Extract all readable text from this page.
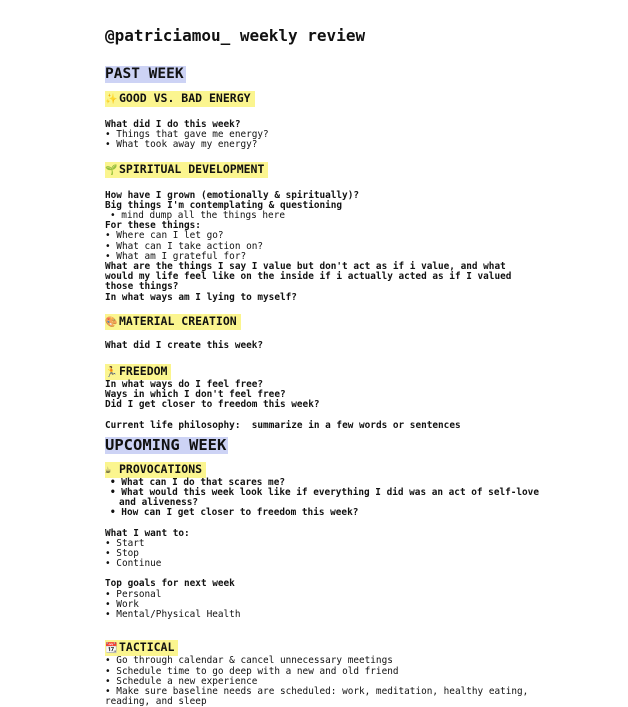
@patriciamou_ weekly review
PAST WEEK
✨ GOOD VS. BAD ENERGY
What did I do this week?
• Things that gave me energy?
• What took away my energy?
🌱 SPIRITUAL DEVELOPMENT
How have I grown (emotionally & spiritually)?
Big things I'm contemplating & questioning
• mind dump all the things here
For these things:
• Where can I let go?
• What can I take action on?
• What am I grateful for?
What are the things I say I value but don't act as if i value, and what would my life feel like on the inside if i actually acted as if I valued those things?
In what ways am I lying to myself?
🎨 MATERIAL CREATION
What did I create this week?
🏃 FREEDOM
In what ways do I feel free?
Ways in which I don't feel free?
Did I get closer to freedom this week?
Current life philosophy: summarize in a few words or sentences
UPCOMING WEEK
☕ PROVOCATIONS
• What can I do that scares me?
• What would this week look like if everything I did was an act of self-love and aliveness?
• How can I get closer to freedom this week?
What I want to:
• Start
• Stop
• Continue
Top goals for next week
• Personal
• Work
• Mental/Physical Health
📆 TACTICAL
• Go through calendar & cancel unnecessary meetings
• Schedule time to go deep with a new and old friend
• Schedule a new experience
• Make sure baseline needs are scheduled: work, meditation, healthy eating, reading, and sleep
